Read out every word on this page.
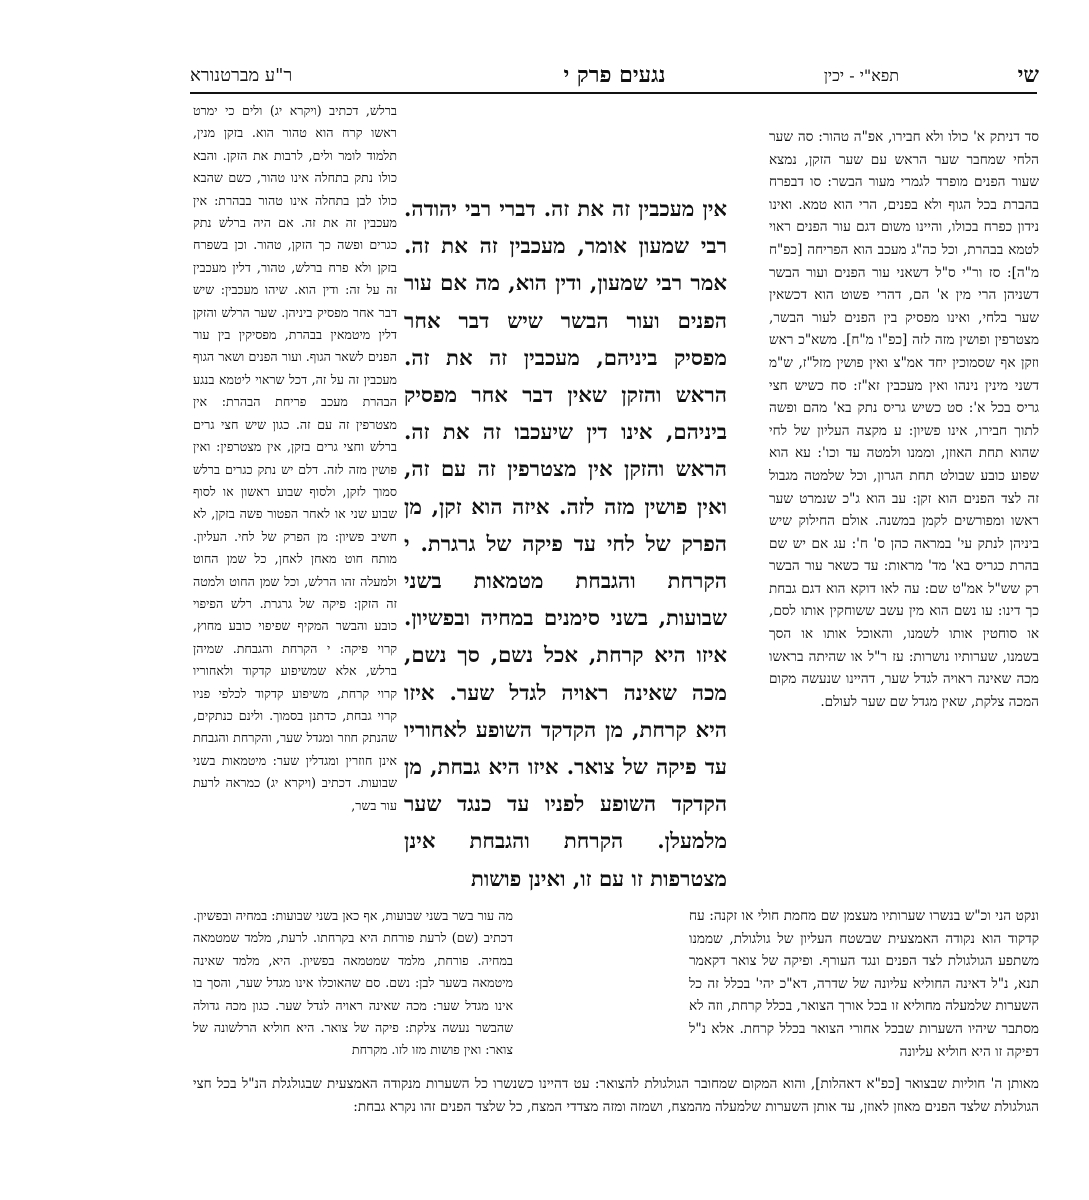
שי
תפא"י - יכין
נגעים פרק י
ר"ע מברטנורא

סד דניתק א' כולו ולא חבירו, אפ"ה טהור: סה שער הלחי שמחבר שער הראש עם שער הזקן, נמצא שעור הפנים מופרד לגמרי מעור הבשר: סו דבפרח בהברת בכל הגוף ולא בפנים, הרי הוא טמא. ואינו נידון כפרח בכולו, והיינו משום דגם עור הפנים ראוי לטמא בבהרת, וכל כה"ג מעכב הוא הפריחה [כפ"ח מ"ה]: סז ור"י ס"ל דשאני עור הפנים ועור הבשר דשניהן הרי מין א' הם, דהרי פשוט הוא דכשאין שער בלחי, ואינו מפסיק בין הפנים לעור הבשר, מצטרפין ופושין מזה לזה [כפ"ו מ"ח]. משא"כ ראש וזקן אף שסמוכין יחד אמ"צ ואין פושין מזל"ז, ש"מ דשני מינין נינהו ואין מעכבין זא"ז: סח כשיש חצי גריס בכל א': סט כשיש גריס נתק בא' מהם ופשה לתוך חבירו, אינו פשיון: ע מקצה העליון של לחי שהוא תחת האוזן, וממנו ולמטה עד וכו': עא הוא שפוע כובע שבולט תחת הגרון, וכל שלמטה מגבול זה לצד הפנים הוא זקן: עב הוא ג"כ שנמרט שער ראשו ומפורשים לקמן במשנה. אולם החילוק שיש ביניהן לנתק עי' במראה כהן ס' ח': עג אם יש שם בהרת כגריס בא' מד' מראות: עד כשאר עור הבשר רק שש"ל אמ"ט שם: עה לאו דוקא הוא דגם גבחת כך דינו: עו נשם הוא מין עשב ששוחקין אותו לסם, או סוחטין אותו לשמנו, והאוכל אותו או הסך בשמנו, שערותיו נושרות: עז ר"ל או שהיתה בראשו מכה שאינה ראויה לגדל שער, דהיינו שנעשה מקום המכה צלקת, שאין מגדל שם שער לעולם.

אין מעכבין זה את זה. דברי רבי יהודה. רבי שמעון אומר, מעכבין זה את זה. אמר רבי שמעון, ודין הוא, מה אם עור הפנים ועור הבשר שיש דבר אחר מפסיק ביניהם, מעכבין זה את זה. הראש והזקן שאין דבר אחר מפסיק ביניהם, אינו דין שיעכבו זה את זה. הראש והזקן אין מצטרפין זה עם זה, ואין פושין מזה לזה. איזה הוא זקן, מן הפרק של לחי עד פיקה של גרגרת. י הקרחת והגבחת מטמאות בשני שבועות, בשני סימנים במחיה ובפשיון. איזו היא קרחת, אכל נשם, סך נשם, מכה שאינה ראויה לגדל שער. איזו היא קרחת, מן הקדקד השופע לאחוריו עד פיקה של צואר. איזו היא גבחת, מן הקדקד השופע לפניו עד כנגד שער מלמעלן. הקרחת והגבחת אינן מצטרפות זו עם זו, ואינן פושות

ברלש, דכתיב (ויקרא יג) ולים כי ימרט ראשו קרח הוא טהור הוא. בזקן מנין, תלמוד לומר ולים, לרבות את הזקן. והבא כולו נתק בתחלה אינו טהור, כשם שהבא כולו לבן בתחלה אינו טהור בבהרת: אין מעכבין זה את זה. אם היה ברלש נתק כגרים ופשה כך הזקן, טהור. וכן בשפרח בזקן ולא פרח ברלש, טהור, דלין מעכבין זה על זה: ודין הוא. שיהו מעכבין: שיש דבר אחר מפסיק ביניהן. שער הרלש והזקן דלין מיטמאין בבהרת, מפסיקין בין עור הפנים לשאר הגוף. ועור הפנים ושאר הגוף מעכבין זה על זה, דכל שראוי ליטמא בנגע הבהרת מעכב פריחת הבהרת: אין מצטרפין זה עם זה. כגון שיש חצי גרים ברלש וחצי גרים בזקן, אין מצטרפין: ואין פושין מזה לזה. דלם יש נתק כגרים ברלש סמוך לזקן, ולסוף שבוע ראשון או לסוף שבוע שני או לאחר הפטור פשה בזקן, לא חשיב פשיון: מן הפרק של לחי. העליון. מותח חוט מאחן לאחן, כל שמן החוט ולמעלה זהו הרלש, וכל שמן החוט ולמטה זה הזקן: פיקה של גרגרת. רלש הפיפוי כובע והבשר המקיף שפיפוי כובע מחוץ, קרוי פיקה: י הקרחת והגבחת. שמיהן ברלש, אלא שמשיפוע קדקוד ולאחוריו קרוי קרחת, משיפוע קדקוד לכלפי פניו קרוי גבחת, כדתנן בסמוך. ולינם כנתקים, שהנתק חוזר ומגדל שער, והקרחת והגבחת אינן חוזרין ומגדלין שער: מיטמאות בשני שבועות. דכתיב (ויקרא יג) כמראה לרעת עור בשר,

מה עור בשר בשני שבועות, אף כאן בשני שבועות: במחיה ובפשיון. דכתיב (שם) לרעת פורחת היא בקרחתו. לרעת, מלמד שמטמאה במחיה. פורחת, מלמד שמטמאה בפשיון. היא, מלמד שאינה מיטמאה בשער לבן: נשם. סם שהאוכלו אינו מגדל שער, והסך בו אינו מגדל שער: מכה שאינה ראויה לגדל שער. כגון מכה גדולה שהבשר נעשה צלקת: פיקה של צואר. היא חוליא הרלשונה של צואר: ואין פושות מזו לזו. מקרחת

ונקט הני וכ"ש בנשרו שערותיו מעצמן שם מחמת חולי או זקנה: עח קדקוד הוא נקודה האמצעית שבשטח העליון של גולגולת, שממנו משתפע הגולגולת לצד הפנים ונגד העורף. ופיקה של צואר דקאמר תנא, נ"ל דאינה החוליא עליונה של שדרה, דא"כ יהי' בכלל זה כל השערות שלמעלה מחוליא זו בכל אורך הצואר, בכלל קרחת, וזה לא מסתבר שיהיו השערות שבכל אחורי הצואר בכלל קרחת. אלא נ"ל דפיקה זו היא חוליא עליונה

מאותן ה' חוליות שבצואר [כפ"א דאהלות], והוא המקום שמחובר הגולגולת להצואר: עט דהיינו כשנשרו כל השערות מנקודה האמצעית שבגולגלת הנ"ל בכל חצי הגולגולת שלצד הפנים מאוזן לאוזן, עד אותן השערות שלמעלה מהמצח, ושמזה ומזה מצדדי המצח, כל שלצד הפנים זהו נקרא גבחת:
